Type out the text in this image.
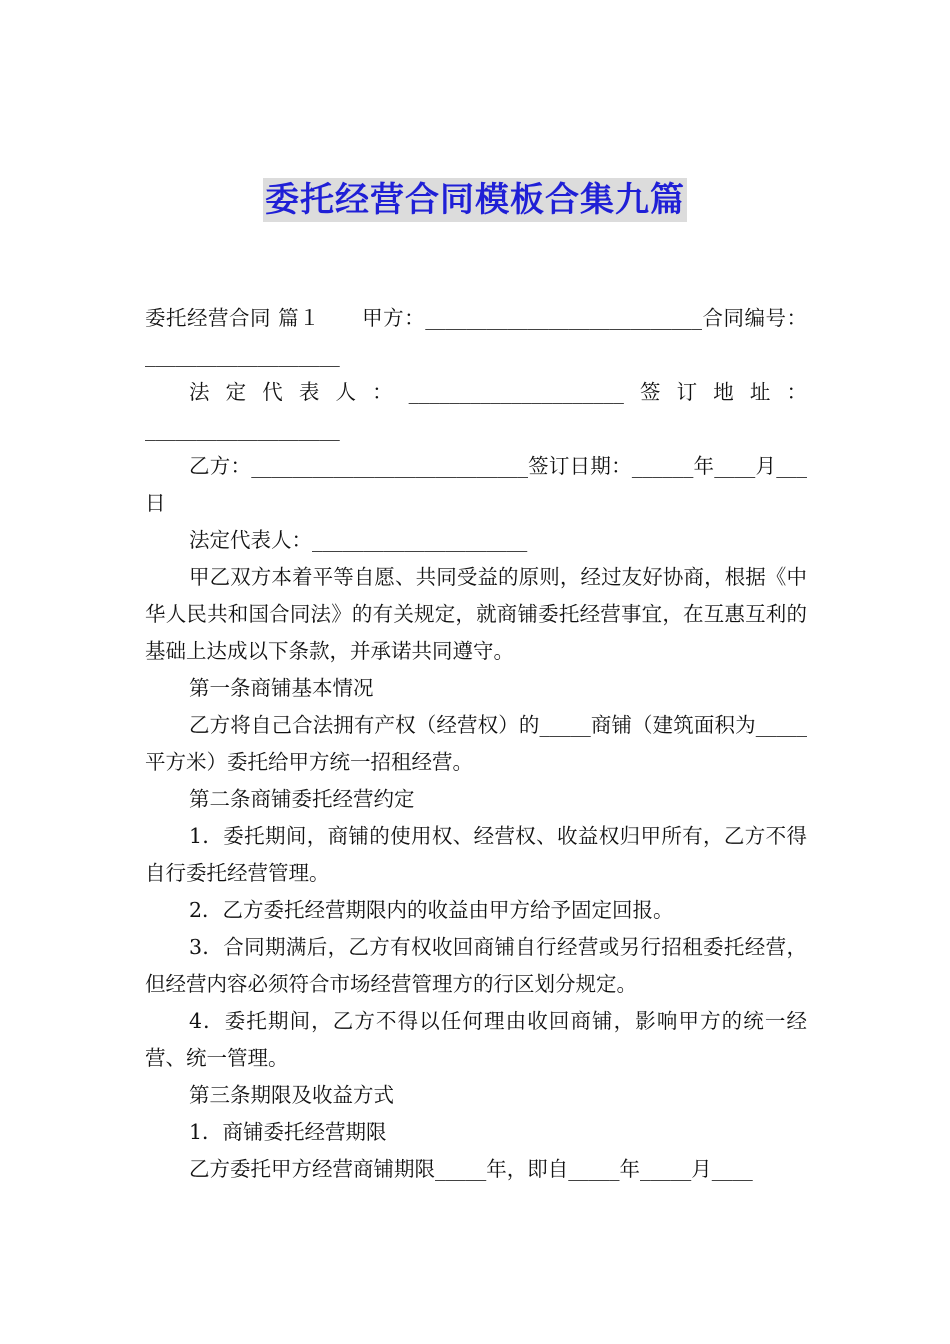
委托经营合同模板合集九篇

委托经营合同 篇１　　甲方：___________________________合同编号：___________________

法定代表人：_____________________签订地址：___________________

乙方：___________________________签订日期：______年____月___日

法定代表人：_____________________

甲乙双方本着平等自愿、共同受益的原则，经过友好协商，根据《中华人民共和国合同法》的有关规定，就商铺委托经营事宜，在互惠互利的基础上达成以下条款，并承诺共同遵守。

第一条商铺基本情况

乙方将自己合法拥有产权（经营权）的_____商铺（建筑面积为_____平方米）委托给甲方统一招租经营。

第二条商铺委托经营约定

1．委托期间，商铺的使用权、经营权、收益权归甲所有，乙方不得自行委托经营管理。

2．乙方委托经营期限内的收益由甲方给予固定回报。

3．合同期满后，乙方有权收回商铺自行经营或另行招租委托经营，但经营内容必须符合市场经营管理方的行区划分规定。

4．委托期间，乙方不得以任何理由收回商铺，影响甲方的统一经营、统一管理。

第三条期限及收益方式

1．商铺委托经营期限

乙方委托甲方经营商铺期限_____年，即自_____年_____月____
